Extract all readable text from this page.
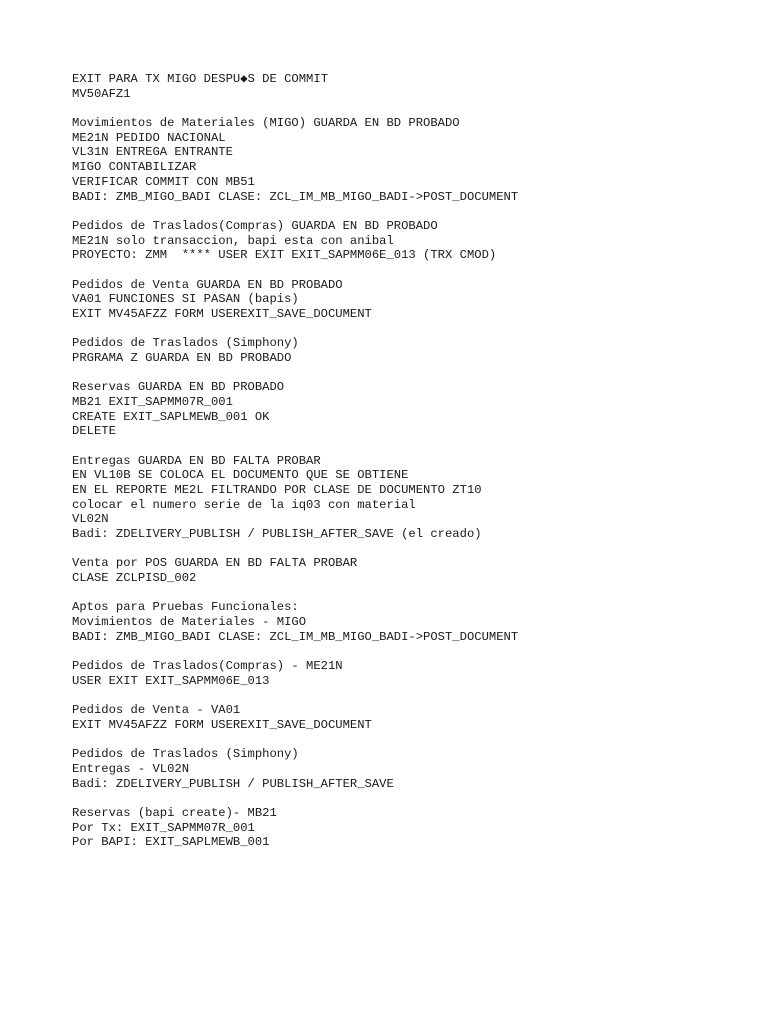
EXIT PARA TX MIGO DESPU◆S DE COMMIT
MV50AFZ1
Movimientos de Materiales (MIGO) GUARDA EN BD PROBADO
ME21N PEDIDO NACIONAL
VL31N ENTREGA ENTRANTE
MIGO CONTABILIZAR
VERIFICAR COMMIT CON MB51
BADI: ZMB_MIGO_BADI CLASE: ZCL_IM_MB_MIGO_BADI->POST_DOCUMENT
Pedidos de Traslados(Compras) GUARDA EN BD PROBADO
ME21N solo transaccion, bapi esta con anibal
PROYECTO: ZMM  **** USER EXIT EXIT_SAPMM06E_013 (TRX CMOD)
Pedidos de Venta GUARDA EN BD PROBADO
VA01 FUNCIONES SI PASAN (bapis)
EXIT MV45AFZZ FORM USEREXIT_SAVE_DOCUMENT
Pedidos de Traslados (Simphony)
PRGRAMA Z GUARDA EN BD PROBADO
Reservas GUARDA EN BD PROBADO
MB21 EXIT_SAPMM07R_001
CREATE EXIT_SAPLMEWB_001 OK
DELETE
Entregas GUARDA EN BD FALTA PROBAR
EN VL10B SE COLOCA EL DOCUMENTO QUE SE OBTIENE
EN EL REPORTE ME2L FILTRANDO POR CLASE DE DOCUMENTO ZT10
colocar el numero serie de la iq03 con material
VL02N
Badi: ZDELIVERY_PUBLISH / PUBLISH_AFTER_SAVE (el creado)
Venta por POS GUARDA EN BD FALTA PROBAR
CLASE ZCLPISD_002
Aptos para Pruebas Funcionales:
Movimientos de Materiales - MIGO
BADI: ZMB_MIGO_BADI CLASE: ZCL_IM_MB_MIGO_BADI->POST_DOCUMENT
Pedidos de Traslados(Compras) - ME21N
USER EXIT EXIT_SAPMM06E_013
Pedidos de Venta - VA01
EXIT MV45AFZZ FORM USEREXIT_SAVE_DOCUMENT
Pedidos de Traslados (Simphony)
Entregas - VL02N
Badi: ZDELIVERY_PUBLISH / PUBLISH_AFTER_SAVE
Reservas (bapi create)- MB21
Por Tx: EXIT_SAPMM07R_001
Por BAPI: EXIT_SAPLMEWB_001
